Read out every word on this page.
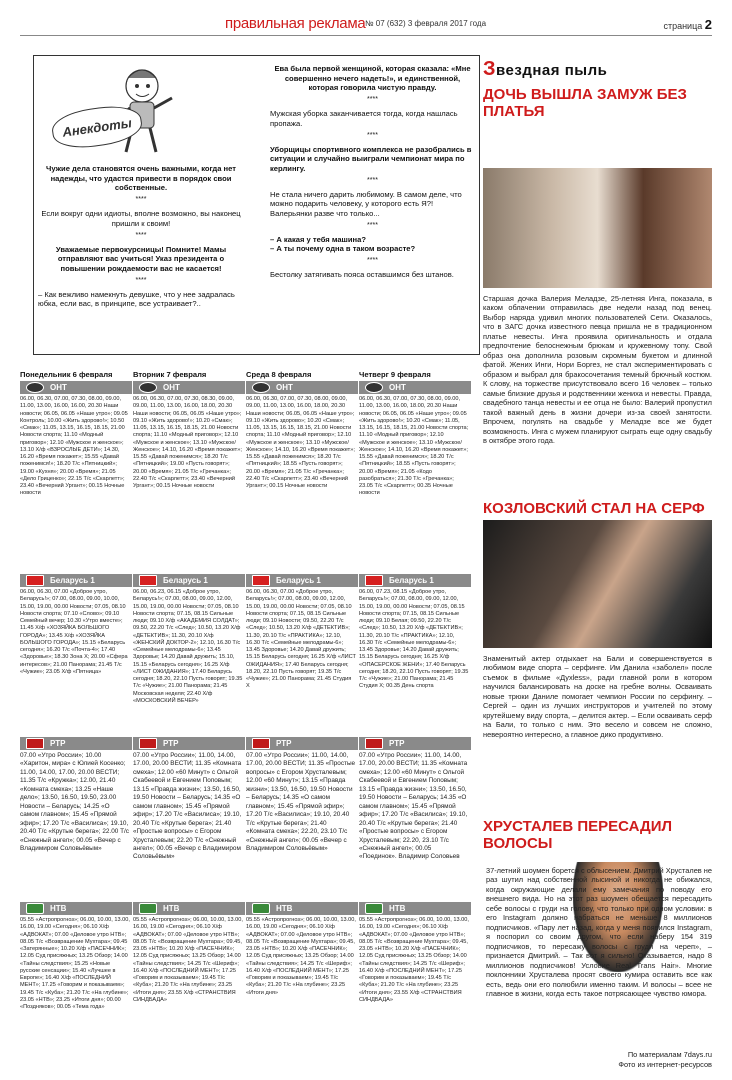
правильная реклама № 07 (632) 3 февраля 2017 года	страница 2
Анекдоты

Чужие дела становятся очень важными, когда нет надежды, что удастся привести в порядок свои собственные.

****

Если вокруг одни идиоты, вполне возможно, вы наконец пришли к своим!

****

Уважаемые первокурсницы! Помните! Мамы отправляют вас учиться! Указ президента о повышении рождаемости вас не касается!

****

– Как вежливо намекнуть девушке, что у нее задралась юбка, если вас, в принципе, все устраивает?..

Ева была первой женщиной, которая сказала: «Мне совершенно нечего надеть!», и единственной, которая говорила чистую правду.

****

Мужская уборка заканчивается тогда, когда нашлась пропажа.

****

Уборщицы спортивного комплекса не разобрались в ситуации и случайно выиграли чемпионат мира по керлингу.

****

Не стала ничего дарить любимому. В самом деле, что можно подарить человеку, у которого есть Я?! Валерьянки разве что только...

****

– А какая у тебя машина?

– А ты почему одна в таком возрасте?

****

Бестолку затягивать пояса оставшимся без штанов.

Понедельник 6 февраля
ОНТ
06.00, 06.30, 07.00, 07.30, 08.00, 09.00, 11.00, 13.00, 16.00, 16.00, 20.30 Наши новости; 06.05, 06.05 «Наше утро»; 09.05 Контроль; 10.00 «Жить здорово!»; 10.50 «Смак»; 11.05, 13.15, 16.15, 18.15, 21.00 Новости спорта; 11.10 «Модный приговор»; 12.10 «Мужское и женское»; 13.10 Х/ф «ВЗРОСЛЫЕ ДЕТИ»; 14.30, 16.20 «Время покажет»; 15.55 «Давай поженимся!»; 18.20 Т/с «Пятницкий»; 19.00 «Кухня»; 20.00 «Время»; 21.05 «Дело Гриценко»; 22.15 Т/с «Скарлетт»; 23.40 «Вечерний Ургант»; 00.15 Ночные новости
Беларусь 1
06.00, 06.30, 07.00 «Доброе утро, Беларусь!»; 07.00, 08.00, 09.00, 10.00, 15.00, 19.00, 00.00 Новости; 07.05, 08.10 Новости спорта; 07.10 «Слово»; 09.10 Семейный вечер; 10.30 «Утро вместе»; 11.45 Х/ф «ХОЗЯЙКА БОЛЬШОГО ГОРОДА»; 13.45 Х/ф «ХОЗЯЙКА БОЛЬШОГО ГОРОДА»; 15.15 «Беларусь сегодня»; 16.20 Т/с «Почта-4»; 17.40 «Здоровье»; 18.30 Зона Х; 20.00 «Сфера интересов»; 21.00 Панорама; 21.45 Т/с «Чужие»; 23.05 Х/ф «Пятница»
РТР
07.00 «Утро России»; 10.00 «Харитон, мира» с Юлией Косенко; 11.00, 14.00, 17.00, 20.00 ВЕСТИ; 11.35 Т/с «Кружка»; 12.00, 21.40 «Комната смеха»; 13.25 «Наше дело»; 13.50, 16.50, 19.50, 23.00 Новости – Беларусь; 14.25 «О самом главном»; 15.45 «Прямой эфир»; 17.20 Т/с «Василиса»; 19.10, 20.40 Т/с «Крутые берега»; 22.00 Т/с «Снежный ангел»; 00.05 «Вечер с Владимиром Соловьёвым»
НТВ
05.55 «Астропрогноз»; 06.00, 10.00, 13.00, 16.00, 19.00 «Сегодня»; 06.10 Х/ф «АДВОКАТ»; 07.00 «Деловое утро НТВ»; 08.05 Т/с «Возвращение Мухтара»; 09.45 «Затерянные»; 10.20 Х/ф «ПАСЕЧНИК»; 12.05 Суд присяжных; 13.25 Обзор; 14.00 «Тайны следствия»; 15.25 «Новые русские сенсации»; 15.40 «Лучшее в Европе»; 16.40 Х/ф «ПОСЛЕДНИЙ МЕНТ»; 17.25 «Говорим и показываем»; 19.45 Т/с «Куба»; 21.20 Т/с «На глубине»; 23.05 «НТВ»; 23.25 «Итоги дня»; 00.00 «Поздняков»; 00.05 «Тема года»
Вторник 7 февраля
ОНТ
06.00, 06.30, 07.00, 07.30, 08.30, 09.00, 09.00, 11.00, 13.00, 16.00, 18.00, 20.30 Наши новости; 06.05, 06.05 «Наше утро»; 09.10 «Жить здорово!»; 10.20 «Смак»; 11.05, 13.15, 16.15, 18.15, 21.00 Новости спорта; 11.10 «Модный приговор»; 12.10 «Мужское и женское»; 13.10 «Мужское/Женское»; 14.10, 16.20 «Время покажет»; 15.55 «Давай поженимся»; 18.20 Т/с «Пятницкий»; 19.00 «Пусть говорят»; 20.00 «Время»; 21.05 Т/с «Гречанка»; 22.40 Т/с «Скарлетт»; 23.40 «Вечерний Ургант»; 00.15 Ночные новости
Беларусь 1
06.00, 06.23, 06.15 «Доброе утро, Беларусь!»; 07.00, 08.00, 09.00, 12.00, 15.00, 19.00, 00.00 Новости; 07.05, 08.10 Новости спорта; 07.15, 08.15 Сильные люди; 09.10 Х/ф «АКАДЕМИЯ СОЛДАТ»; 09.50, 22.20 Т/с «След»; 10.50, 13.20 Х/ф «ДЕТЕКТИВ»; 11.30, 20.10 Х/ф «ЖЕНСКИЙ ДОКТОР-2»; 12.10, 16.30 Т/с «Семейные мелодрамы-6»; 13.45 Здоровье; 14.20 Давай дружить; 15.10, 15.15 «Беларусь сегодня»; 16.25 Х/ф «ЛИСТ ОЖИДАНИЯ»; 17.40 Беларусь сегодня; 18.20, 22.10 Пусть говорят; 19.35 Т/с «Чужие»; 21.00 Панорама; 21.45 Московская неделя; 22.40 Х/ф «МОСКОВСКИЙ ВЕЧЕР»
РТР
07.00 «Утро России»; 11.00, 14.00, 17.00, 20.00 ВЕСТИ; 11.35 «Комната смеха»; 12.00 «60 Минут» с Ольгой Скабеевой и Евгением Поповым; 13.15 «Правда жизни»; 13.50, 16.50, 19.50 Новости – Беларусь; 14.35 «О самом главном»; 15.45 «Прямой эфир»; 17.20 Т/с «Василиса»; 19.10, 20.40 Т/с «Крутые берега»; 21.40 «Простые вопросы» с Егором Хрусталевым; 22.20 Т/с «Снежный ангел»; 00.05 «Вечер с Владимиром Соловьёвым»
НТВ
05.55 «Астропрогноз»; 06.00, 10.00, 13.00, 16.00, 19.00 «Сегодня»; 06.10 Х/ф «АДВОКАТ»; 07.00 «Деловое утро НТВ»; 08.05 Т/с «Возвращение Мухтара»; 09.45, 23.05 «НТВ»; 10.20 Х/ф «ПАСЕЧНИК»; 12.05 Суд присяжных; 13.25 Обзор; 14.00 «Тайны следствия»; 14.25 Т/с «Шериф»; 16.40 Х/ф «ПОСЛЕДНИЙ МЕНТ»; 17.25 «Говорим и показываем»; 19.45 Т/с «Куба»; 21.20 Т/с «На глубине»; 23.25 «Итоги дня»; 23.55 Х/ф «СТРАНСТВИЯ СИНДБАДА»
Среда 8 февраля
ОНТ
06.00, 06.30, 07.00, 07.30, 08.00, 09.00, 09.00, 11.00, 13.00, 16.00, 18.00, 20.30 Наши новости; 06.05, 06.05 «Наше утро»; 09.10 «Жить здорово»; 10.20 «Смак»; 11.05, 13.15, 16.15, 18.15, 21.00 Новости спорта; 11.10 «Модный приговор»; 12.10 «Мужское и женское»; 13.10 «Мужское/Женское»; 14.10, 16.20 «Время покажет»; 15.55 «Давай поженимся»; 18.20 Т/с «Пятницкий»; 18.55 «Пусть говорят»; 20.00 «Время»; 21.05 Т/с «Гречанка»; 22.40 Т/с «Скарлетт»; 23.40 «Вечерний Ургант»; 00.15 Ночные новости
Беларусь 1
06.00, 06.30, 07.00 «Доброе утро, Беларусь!»; 07.00, 08.00, 09.00, 12.00, 15.00, 19.00, 00.00 Новости; 07.05, 08.10 Новости спорта; 07.15, 08.15 Сильные люди; 09.10 Новости; 09.50, 22.20 Т/с «След»; 10.50, 13.20 Х/ф «ДЕТЕКТИВ»; 11.30, 20.10 Т/с «ПРАКТИКА»; 12.10, 16.30 Т/с «Семейные мелодрамы-6»; 13.45 Здоровье; 14.20 Давай дружить; 15.15 Беларусь сегодня; 16.25 Х/ф «ЛИСТ ОЖИДАНИЯ»; 17.40 Беларусь сегодня; 18.20, 22.10 Пусть говорят; 19.35 Т/с «Чужие»; 21.00 Панорама; 21.45 Студия Х
РТР
07.00 «Утро России»; 11.00, 14.00, 17.00, 20.00 ВЕСТИ; 11.35 «Простые вопросы» с Егором Хрусталевым; 12.00 «60 Минут»; 13.15 «Правда жизни»; 13.50, 16.50, 19.50 Новости – Беларусь; 14.35 «О самом главном»; 15.45 «Прямой эфир»; 17.20 Т/с «Василиса»; 19.10, 20.40 Т/с «Крутые берега»; 21.40 «Комната смеха»; 22.20, 23.10 Т/с «Снежный ангел»; 00.05 «Вечер с Владимиром Соловьёвым»
НТВ
05.55 «Астропрогноз»; 06.00, 10.00, 13.00, 16.00, 19.00 «Сегодня»; 06.10 Х/ф «АДВОКАТ»; 07.00 «Деловое утро НТВ»; 08.05 Т/с «Возвращение Мухтара»; 09.45, 23.05 «НТВ»; 10.20 Х/ф «ПАСЕЧНИК»; 12.05 Суд присяжных; 13.25 Обзор; 14.00 «Тайны следствия»; 14.25 Т/с «Шериф»; 16.40 Х/ф «ПОСЛЕДНИЙ МЕНТ»; 17.25 «Говорим и показываем»; 19.45 Т/с «Куба»; 21.20 Т/с «На глубине»; 23.25 «Итоги дня»
Четверг 9 февраля
ОНТ
06.00, 06.30, 07.00, 07.30, 08.00, 09.00, 11.00, 13.00, 16.00, 18.00, 20.30 Наши новости; 06.05, 06.05 «Наше утро»; 09.05 «Жить здорово!»; 10.20 «Смак»; 11.05, 13.15, 16.15, 18.15, 21.00 Новости спорта; 11.10 «Модный приговор»; 12.10 «Мужское и женское»; 13.10 «Мужское/Женское»; 14.10, 16.20 «Время покажет»; 15.55 «Давай поженимся»; 18.20 Т/с «Пятницкий»; 18.55 «Пусть говорят»; 20.00 «Время»; 21.05 «Кодо разобраться»; 21.30 Т/с «Гречанка»; 23.05 Т/с «Скарлетт»; 00.35 Ночные новости
Беларусь 1
06.00, 07.23, 08.15 «Доброе утро, Беларусь!»; 07.00, 08.00, 09.00, 12.00, 15.00, 19.00, 00.00 Новости; 07.05, 08.15 Новости спорта; 07.15, 08.15 Сильные люди; 09.10 Белая; 09.50, 22.20 Т/с «След»; 10.50, 13.20 Х/ф «ДЕТЕКТИВ»; 11.30, 20.10 Т/с «ПРАКТИКА»; 12.10, 16.30 Т/с «Семейные мелодрамы-6»; 13.45 Здоровье; 14.20 Давай дружить; 15.15 Беларусь сегодня; 16.25 Х/ф «ОПАСЕРСКОЕ ЖЕНИ»; 17.40 Беларусь сегодня; 18.20, 22.10 Пусть говорят; 19.35 Т/с «Чужие»; 21.00 Панорама; 21.45 Студия Х; 00.35 День спорта
РТР
07.00 «Утро России»; 11.00, 14.00, 17.00, 20.00 ВЕСТИ; 11.35 «Комната смеха»; 12.00 «60 Минут» с Ольгой Скабеевой и Евгением Поповым; 13.15 «Правда жизни»; 13.50, 16.50, 19.50 Новости – Беларусь; 14.35 «О самом главном»; 15.45 «Прямой эфир»; 17.20 Т/с «Василиса»; 19.10, 20.40 Т/с «Крутые берега»; 21.40 «Простые вопросы» с Егором Хрусталевым; 22.20, 23.10 Т/с «Снежный ангел»; 00.05 «Поединок». Владимир Соловьев
НТВ
05.55 «Астропрогноз»; 06.00, 10.00, 13.00, 16.00, 19.00 «Сегодня»; 06.10 Х/ф «АДВОКАТ»; 07.00 «Деловое утро НТВ»; 08.05 Т/с «Возвращение Мухтара»; 09.45, 23.05 «НТВ»; 10.20 Х/ф «ПАСЕЧНИК»; 12.05 Суд присяжных; 13.25 Обзор; 14.00 «Тайны следствия»; 14.25 Т/с «Шериф»; 16.40 Х/ф «ПОСЛЕДНИЙ МЕНТ»; 17.25 «Говорим и показываем»; 19.45 Т/с «Куба»; 21.20 Т/с «На глубине»; 23.25 «Итоги дня»; 23.55 Х/ф «СТРАНСТВИЯ СИНДБАДА»
Звездная пыль
ДОЧЬ ВЫШЛА ЗАМУЖ БЕЗ ПЛАТЬЯ
Старшая дочка Валерия Меладзе, 25-летняя Инга, показала, в каком облачении отправилась две недели назад под венец. Выбор наряда удивил многих пользователей Сети. Оказалось, что в ЗАГС дочка известного певца пришла не в традиционном платье невесты. Инга проявила оригинальность и отдала предпочтение белоснежным брюкам и кружевному топу. Свой образ она дополнила розовым скромным букетом и длинной фатой. Жених Инги, Нори Боргез, не стал экспериментировать с образом и выбрал для бракосочетания темный брючный костюм. К слову, на торжестве присутствовало всего 16 человек – только самые близкие друзья и родственники жениха и невесты. Правда, свадебного танца невесты и ее отца не было: Валерий пропустил такой важный день в жизни дочери из-за своей занятости. Впрочем, погулять на свадьбе у Меладзе все же будет возможность. Инга с мужем планируют сыграть еще одну свадьбу в октябре этого года.
КОЗЛОВСКИЙ СТАЛ НА СЕРФ
Знаменитый актер отдыхает на Бали и совершенствуется в любимом виде спорта – серфинге. Им Данила «заболел» после съемок в фильме «Духless», ради главной роли в котором научился балансировать на доске на гребне волны. Осваивать новые трюки Даниле помогает чемпион России по серфингу. – Сергей – один из лучших инструкторов и учителей по этому крутейшему виду спорта, – делится актер. – Если осваивать серф на Бали, то только с ним. Это весело и совсем не сложно, невероятно интересно, а главное дико продуктивно.
ХРУСТАЛЕВ ПЕРЕСАДИЛ ВОЛОСЫ
37-летний шоумен борется с облысением. Дмитрий Хрусталев не раз шутил над собственной лысиной и никогда не обижался, когда окружающие делали ему замечания по поводу его внешнего вида. Но на этот раз шоумен обещается пересадить себе волосы с груди на голову, что только при одном условии: в его Instagram должно набраться не меньше 8 миллионов подписчиков. «Пару лет назад, когда у меня появился Instagram, я поспорил со своим другом, что если наберу 154 319 подписчиков, то пересажу волосы с груди на череп», – признается Дмитрий. – Так вот я сильно! Оказывается, надо 8 миллионов подписчиков! Условие Real Trans Hair». Многие поклонники Хрусталева просят своего кумира оставить все как есть, ведь они его полюбили именно таким. И волосы – всее не главное в жизни, когда есть такое потрясающее чувство юмора.
По материалам 7days.ru
Фото из интернет-ресурсов
